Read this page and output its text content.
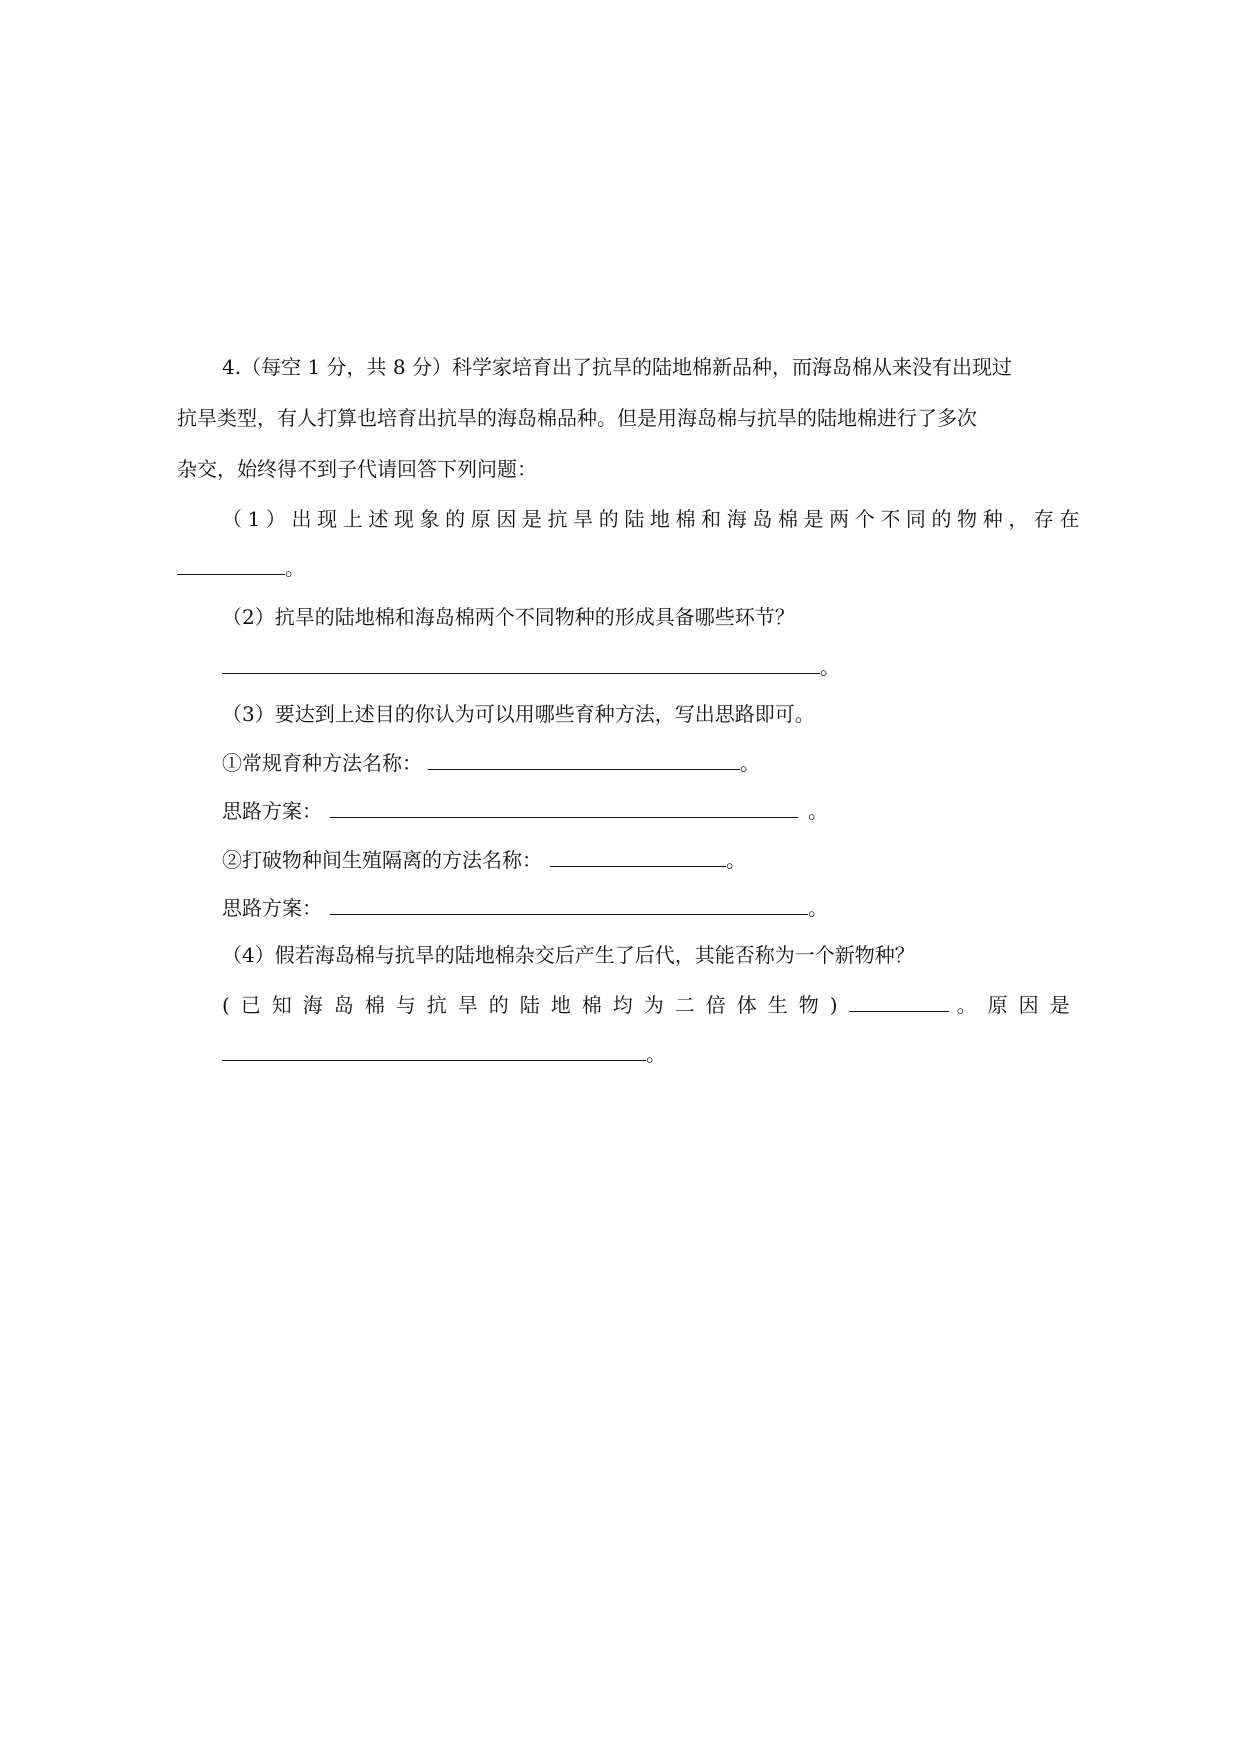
4.（每空 1 分，共 8 分）科学家培育出了抗旱的陆地棉新品种，而海岛棉从来没有出现过
抗旱类型，有人打算也培育出抗旱的海岛棉品种。但是用海岛棉与抗旱的陆地棉进行了多次
杂交，始终得不到子代请回答下列问题：
（1）出现上述现象的原因是抗旱的陆地棉和海岛棉是两个不同的物种，存在
。
（2）抗旱的陆地棉和海岛棉两个不同物种的形成具备哪些环节？
。
（3）要达到上述目的你认为可以用哪些育种方法，写出思路即可。
①常规育种方法名称：	。
思路方案：	。
②打破物种间生殖隔离的方法名称：	。
思路方案：	。
（4）假若海岛棉与抗旱的陆地棉杂交后产生了后代，其能否称为一个新物种？
(已知海岛棉与抗旱的陆地棉均为二倍体生物)	。原因是
。
